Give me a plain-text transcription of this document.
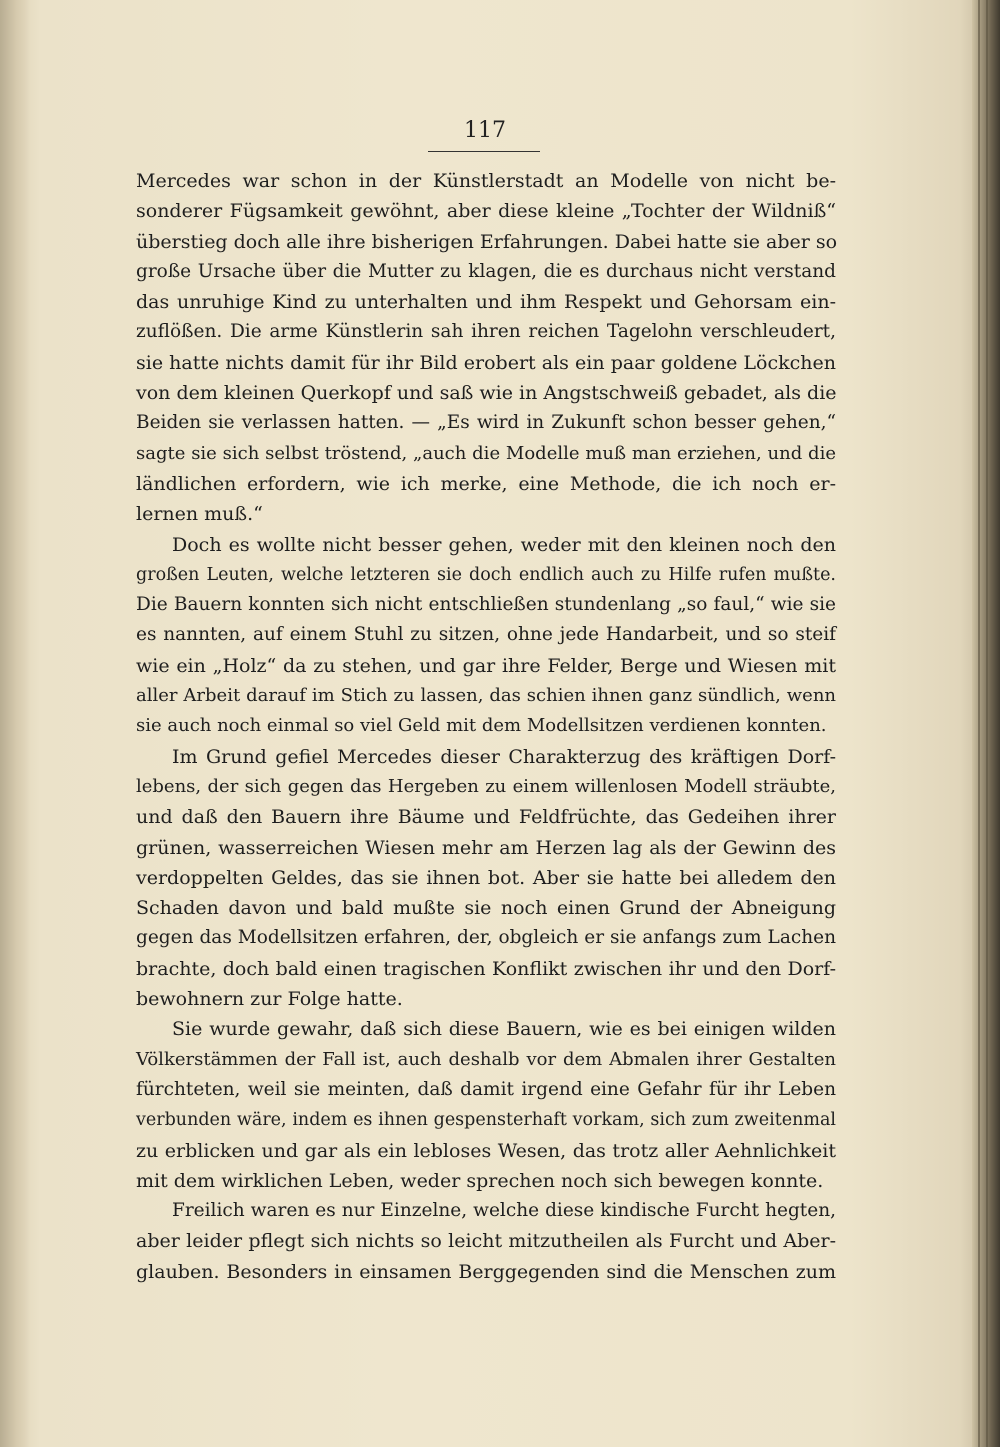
117
Mercedes war schon in der Künstlerstadt an Modelle von nicht be-
sonderer Fügsamkeit gewöhnt, aber diese kleine „Tochter der Wildniß“
überstieg doch alle ihre bisherigen Erfahrungen. Dabei hatte sie aber so
große Ursache über die Mutter zu klagen, die es durchaus nicht verstand
das unruhige Kind zu unterhalten und ihm Respekt und Gehorsam ein-
zuflößen. Die arme Künstlerin sah ihren reichen Tagelohn verschleudert,
sie hatte nichts damit für ihr Bild erobert als ein paar goldene Löckchen
von dem kleinen Querkopf und saß wie in Angstschweiß gebadet, als die
Beiden sie verlassen hatten. — „Es wird in Zukunft schon besser gehen,“
sagte sie sich selbst tröstend, „auch die Modelle muß man erziehen, und die
ländlichen erfordern, wie ich merke, eine Methode, die ich noch er-
lernen muß.“
Doch es wollte nicht besser gehen, weder mit den kleinen noch den
großen Leuten, welche letzteren sie doch endlich auch zu Hilfe rufen mußte.
Die Bauern konnten sich nicht entschließen stundenlang „so faul,“ wie sie
es nannten, auf einem Stuhl zu sitzen, ohne jede Handarbeit, und so steif
wie ein „Holz“ da zu stehen, und gar ihre Felder, Berge und Wiesen mit
aller Arbeit darauf im Stich zu lassen, das schien ihnen ganz sündlich, wenn
sie auch noch einmal so viel Geld mit dem Modellsitzen verdienen konnten.
Im Grund gefiel Mercedes dieser Charakterzug des kräftigen Dorf-
lebens, der sich gegen das Hergeben zu einem willenlosen Modell sträubte,
und daß den Bauern ihre Bäume und Feldfrüchte, das Gedeihen ihrer
grünen, wasserreichen Wiesen mehr am Herzen lag als der Gewinn des
verdoppelten Geldes, das sie ihnen bot. Aber sie hatte bei alledem den
Schaden davon und bald mußte sie noch einen Grund der Abneigung
gegen das Modellsitzen erfahren, der, obgleich er sie anfangs zum Lachen
brachte, doch bald einen tragischen Konflikt zwischen ihr und den Dorf-
bewohnern zur Folge hatte.
Sie wurde gewahr, daß sich diese Bauern, wie es bei einigen wilden
Völkerstämmen der Fall ist, auch deshalb vor dem Abmalen ihrer Gestalten
fürchteten, weil sie meinten, daß damit irgend eine Gefahr für ihr Leben
verbunden wäre, indem es ihnen gespensterhaft vorkam, sich zum zweitenmal
zu erblicken und gar als ein lebloses Wesen, das trotz aller Aehnlichkeit
mit dem wirklichen Leben, weder sprechen noch sich bewegen konnte.
Freilich waren es nur Einzelne, welche diese kindische Furcht hegten,
aber leider pflegt sich nichts so leicht mitzutheilen als Furcht und Aber-
glauben. Besonders in einsamen Berggegenden sind die Menschen zum
